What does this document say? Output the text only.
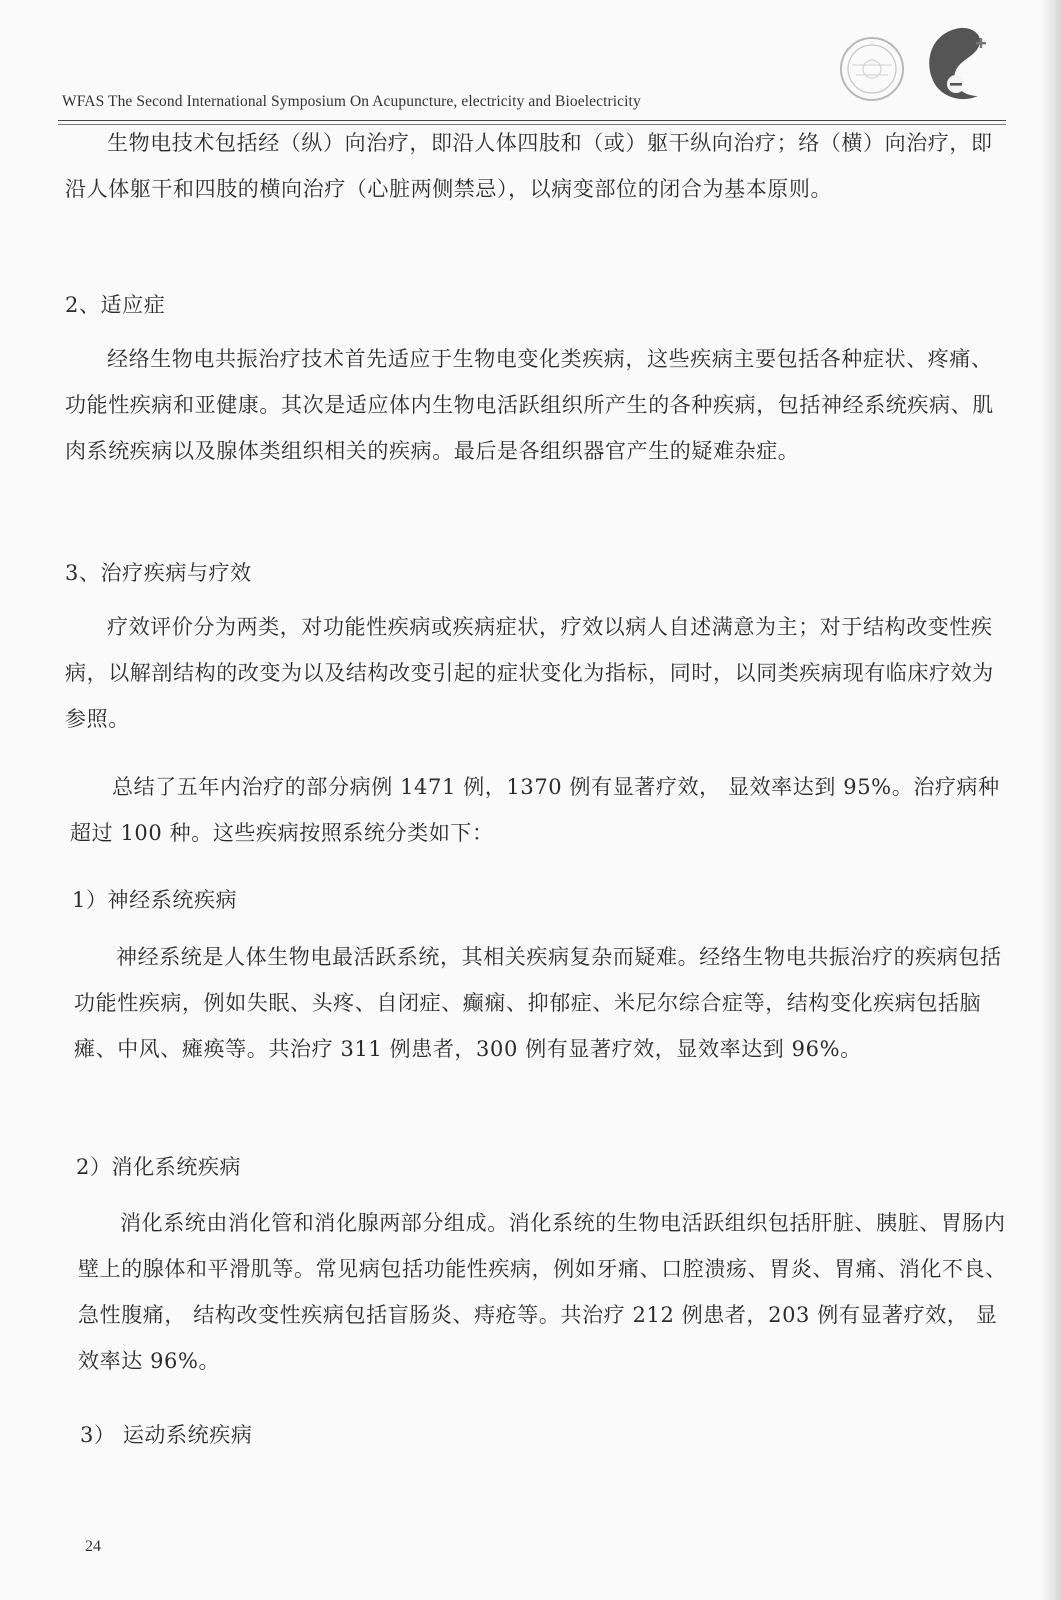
WFAS The Second International Symposium On Acupuncture, electricity and Bioelectricity

生物电技术包括经（纵）向治疗，即沿人体四肢和（或）躯干纵向治疗；络（横）向治疗，即沿人体躯干和四肢的横向治疗（心脏两侧禁忌），以病变部位的闭合为基本原则。

2、适应症

经络生物电共振治疗技术首先适应于生物电变化类疾病，这些疾病主要包括各种症状、疼痛、功能性疾病和亚健康。其次是适应体内生物电活跃组织所产生的各种疾病，包括神经系统疾病、肌肉系统疾病以及腺体类组织相关的疾病。最后是各组织器官产生的疑难杂症。

3、治疗疾病与疗效

疗效评价分为两类，对功能性疾病或疾病症状，疗效以病人自述满意为主；对于结构改变性疾病，以解剖结构的改变为以及结构改变引起的症状变化为指标，同时，以同类疾病现有临床疗效为参照。

总结了五年内治疗的部分病例 1471 例，1370 例有显著疗效， 显效率达到 95%。治疗病种超过 100 种。这些疾病按照系统分类如下：

1）神经系统疾病

神经系统是人体生物电最活跃系统，其相关疾病复杂而疑难。经络生物电共振治疗的疾病包括功能性疾病，例如失眠、头疼、自闭症、癫痫、抑郁症、米尼尔综合症等，结构变化疾病包括脑瘫、中风、瘫痪等。共治疗 311 例患者，300 例有显著疗效，显效率达到 96%。

2）消化系统疾病

消化系统由消化管和消化腺两部分组成。消化系统的生物电活跃组织包括肝脏、胰脏、胃肠内壁上的腺体和平滑肌等。常见病包括功能性疾病，例如牙痛、口腔溃疡、胃炎、胃痛、消化不良、急性腹痛， 结构改变性疾病包括盲肠炎、痔疮等。共治疗 212 例患者，203 例有显著疗效， 显效率达 96%。

3） 运动系统疾病
24
